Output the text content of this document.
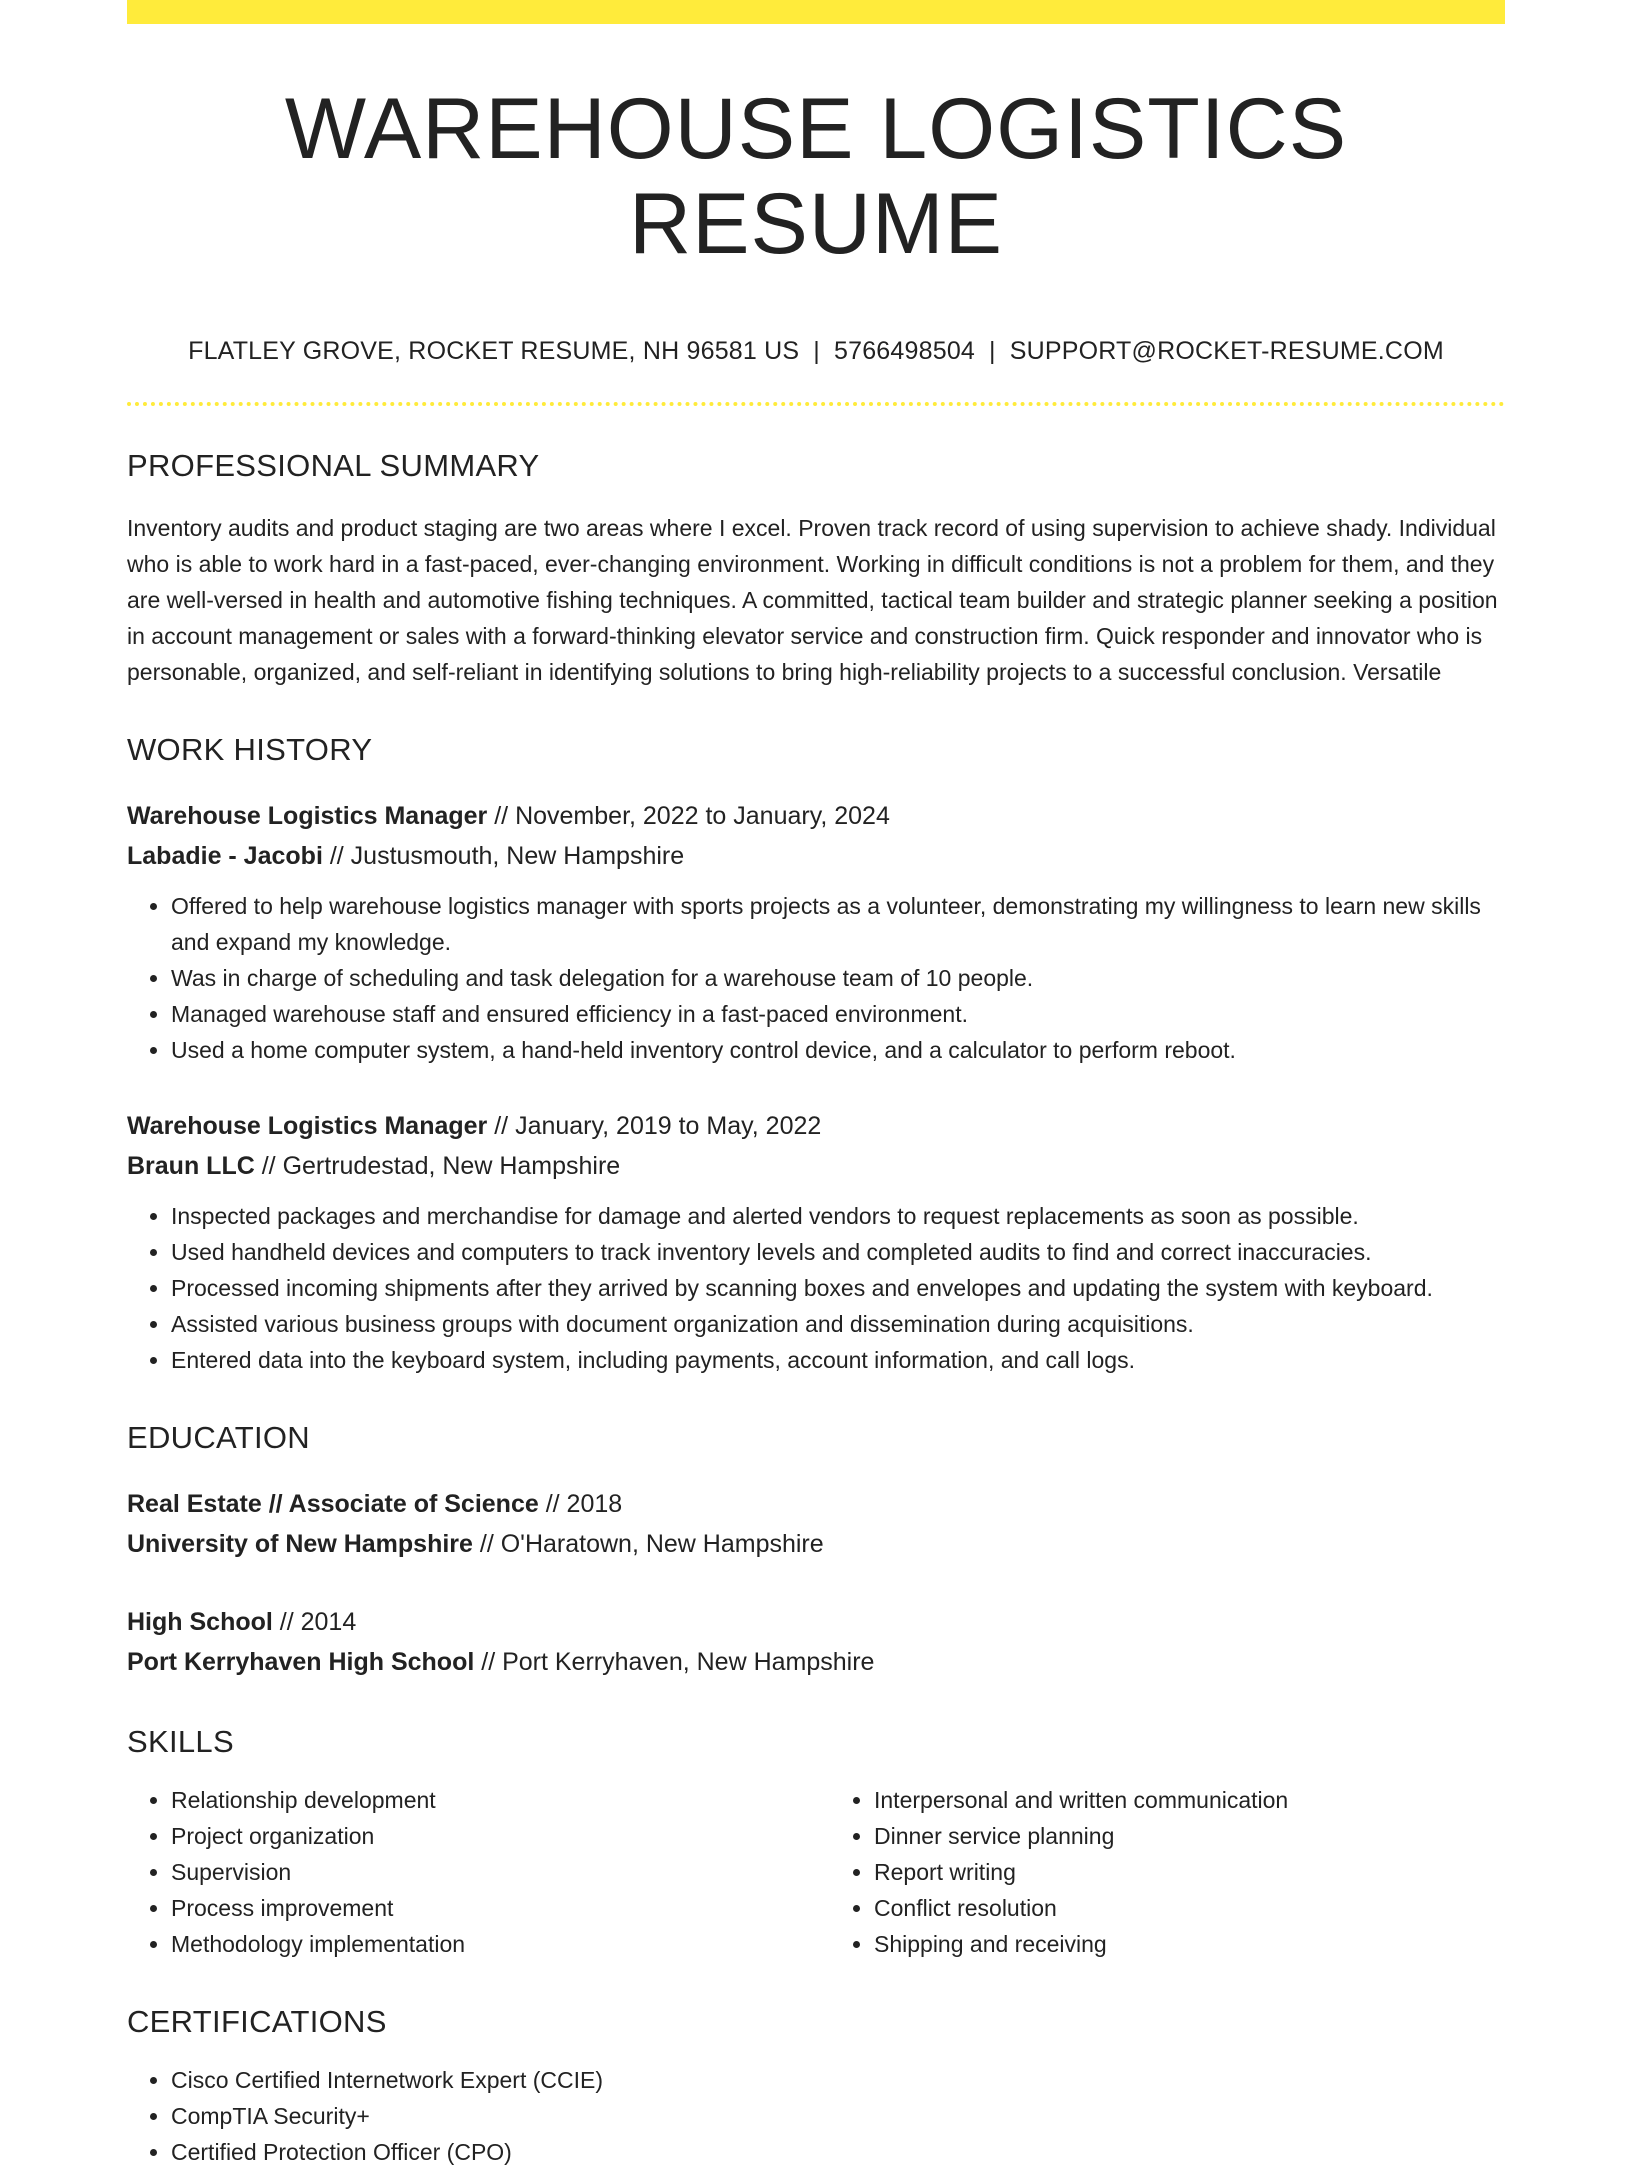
WAREHOUSE LOGISTICS RESUME
FLATLEY GROVE, ROCKET RESUME, NH 96581 US | 5766498504 | SUPPORT@ROCKET-RESUME.COM
PROFESSIONAL SUMMARY
Inventory audits and product staging are two areas where I excel. Proven track record of using supervision to achieve shady. Individual who is able to work hard in a fast-paced, ever-changing environment. Working in difficult conditions is not a problem for them, and they are well-versed in health and automotive fishing techniques. A committed, tactical team builder and strategic planner seeking a position in account management or sales with a forward-thinking elevator service and construction firm. Quick responder and innovator who is personable, organized, and self-reliant in identifying solutions to bring high-reliability projects to a successful conclusion. Versatile
WORK HISTORY
Warehouse Logistics Manager // November, 2022 to January, 2024
Labadie - Jacobi // Justusmouth, New Hampshire
• Offered to help warehouse logistics manager with sports projects as a volunteer, demonstrating my willingness to learn new skills and expand my knowledge.
• Was in charge of scheduling and task delegation for a warehouse team of 10 people.
• Managed warehouse staff and ensured efficiency in a fast-paced environment.
• Used a home computer system, a hand-held inventory control device, and a calculator to perform reboot.
Warehouse Logistics Manager // January, 2019 to May, 2022
Braun LLC // Gertrudestad, New Hampshire
• Inspected packages and merchandise for damage and alerted vendors to request replacements as soon as possible.
• Used handheld devices and computers to track inventory levels and completed audits to find and correct inaccuracies.
• Processed incoming shipments after they arrived by scanning boxes and envelopes and updating the system with keyboard.
• Assisted various business groups with document organization and dissemination during acquisitions.
• Entered data into the keyboard system, including payments, account information, and call logs.
EDUCATION
Real Estate // Associate of Science // 2018
University of New Hampshire // O'Haratown, New Hampshire
High School // 2014
Port Kerryhaven High School // Port Kerryhaven, New Hampshire
SKILLS
• Relationship development
• Project organization
• Supervision
• Process improvement
• Methodology implementation
• Interpersonal and written communication
• Dinner service planning
• Report writing
• Conflict resolution
• Shipping and receiving
CERTIFICATIONS
• Cisco Certified Internetwork Expert (CCIE)
• CompTIA Security+
• Certified Protection Officer (CPO)
